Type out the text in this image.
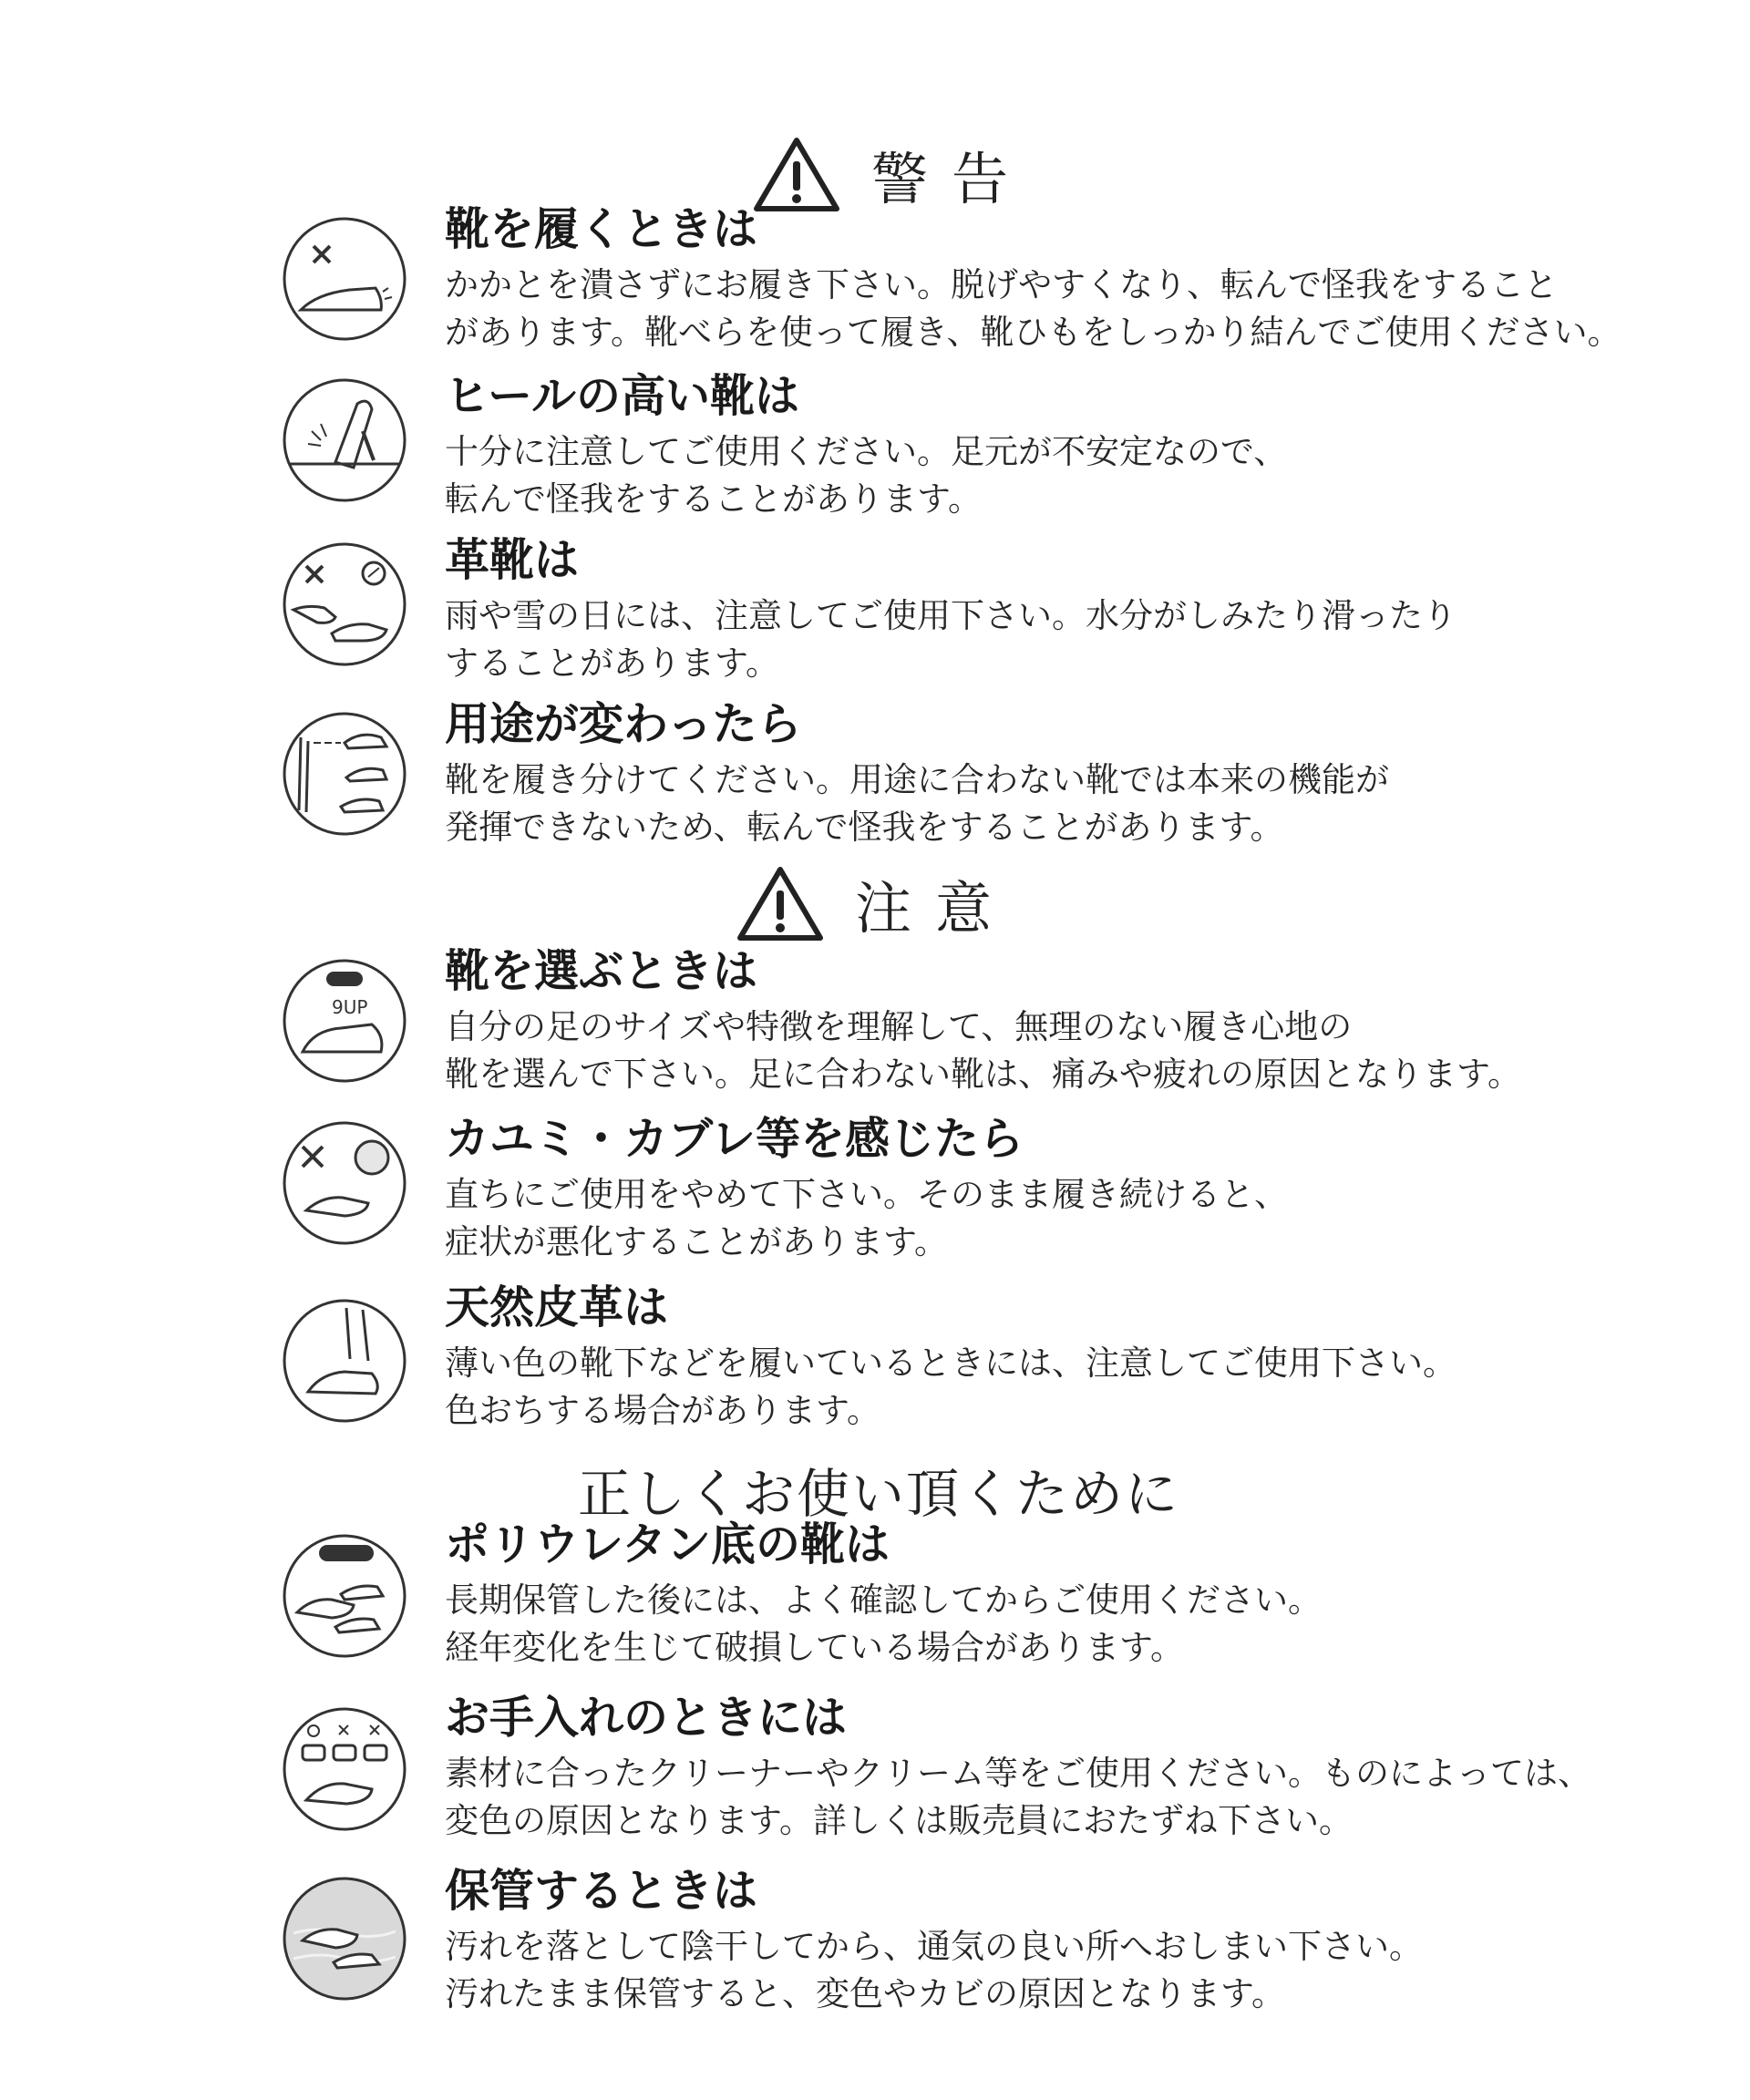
警告
靴を履くときは
かかとを潰さずにお履き下さい。脱げやすくなり、転んで怪我をすること
があります。靴べらを使って履き、靴ひもをしっかり結んでご使用ください。
ヒールの高い靴は
十分に注意してご使用ください。足元が不安定なので、
転んで怪我をすることがあります。
革靴は
雨や雪の日には、注意してご使用下さい。水分がしみたり滑ったり
することがあります。
用途が変わったら
靴を履き分けてください。用途に合わない靴では本来の機能が
発揮できないため、転んで怪我をすることがあります。
注意
9UP
靴を選ぶときは
自分の足のサイズや特徴を理解して、無理のない履き心地の
靴を選んで下さい。足に合わない靴は、痛みや疲れの原因となります。
カユミ・カブレ等を感じたら
直ちにご使用をやめて下さい。そのまま履き続けると、
症状が悪化することがあります。
天然皮革は
薄い色の靴下などを履いているときには、注意してご使用下さい。
色おちする場合があります。
正しくお使い頂くために
ポリウレタン底の靴は
長期保管した後には、よく確認してからご使用ください。
経年変化を生じて破損している場合があります。
お手入れのときには
素材に合ったクリーナーやクリーム等をご使用ください。ものによっては、
変色の原因となります。詳しくは販売員におたずね下さい。
保管するときは
汚れを落として陰干してから、通気の良い所へおしまい下さい。
汚れたまま保管すると、変色やカビの原因となります。
